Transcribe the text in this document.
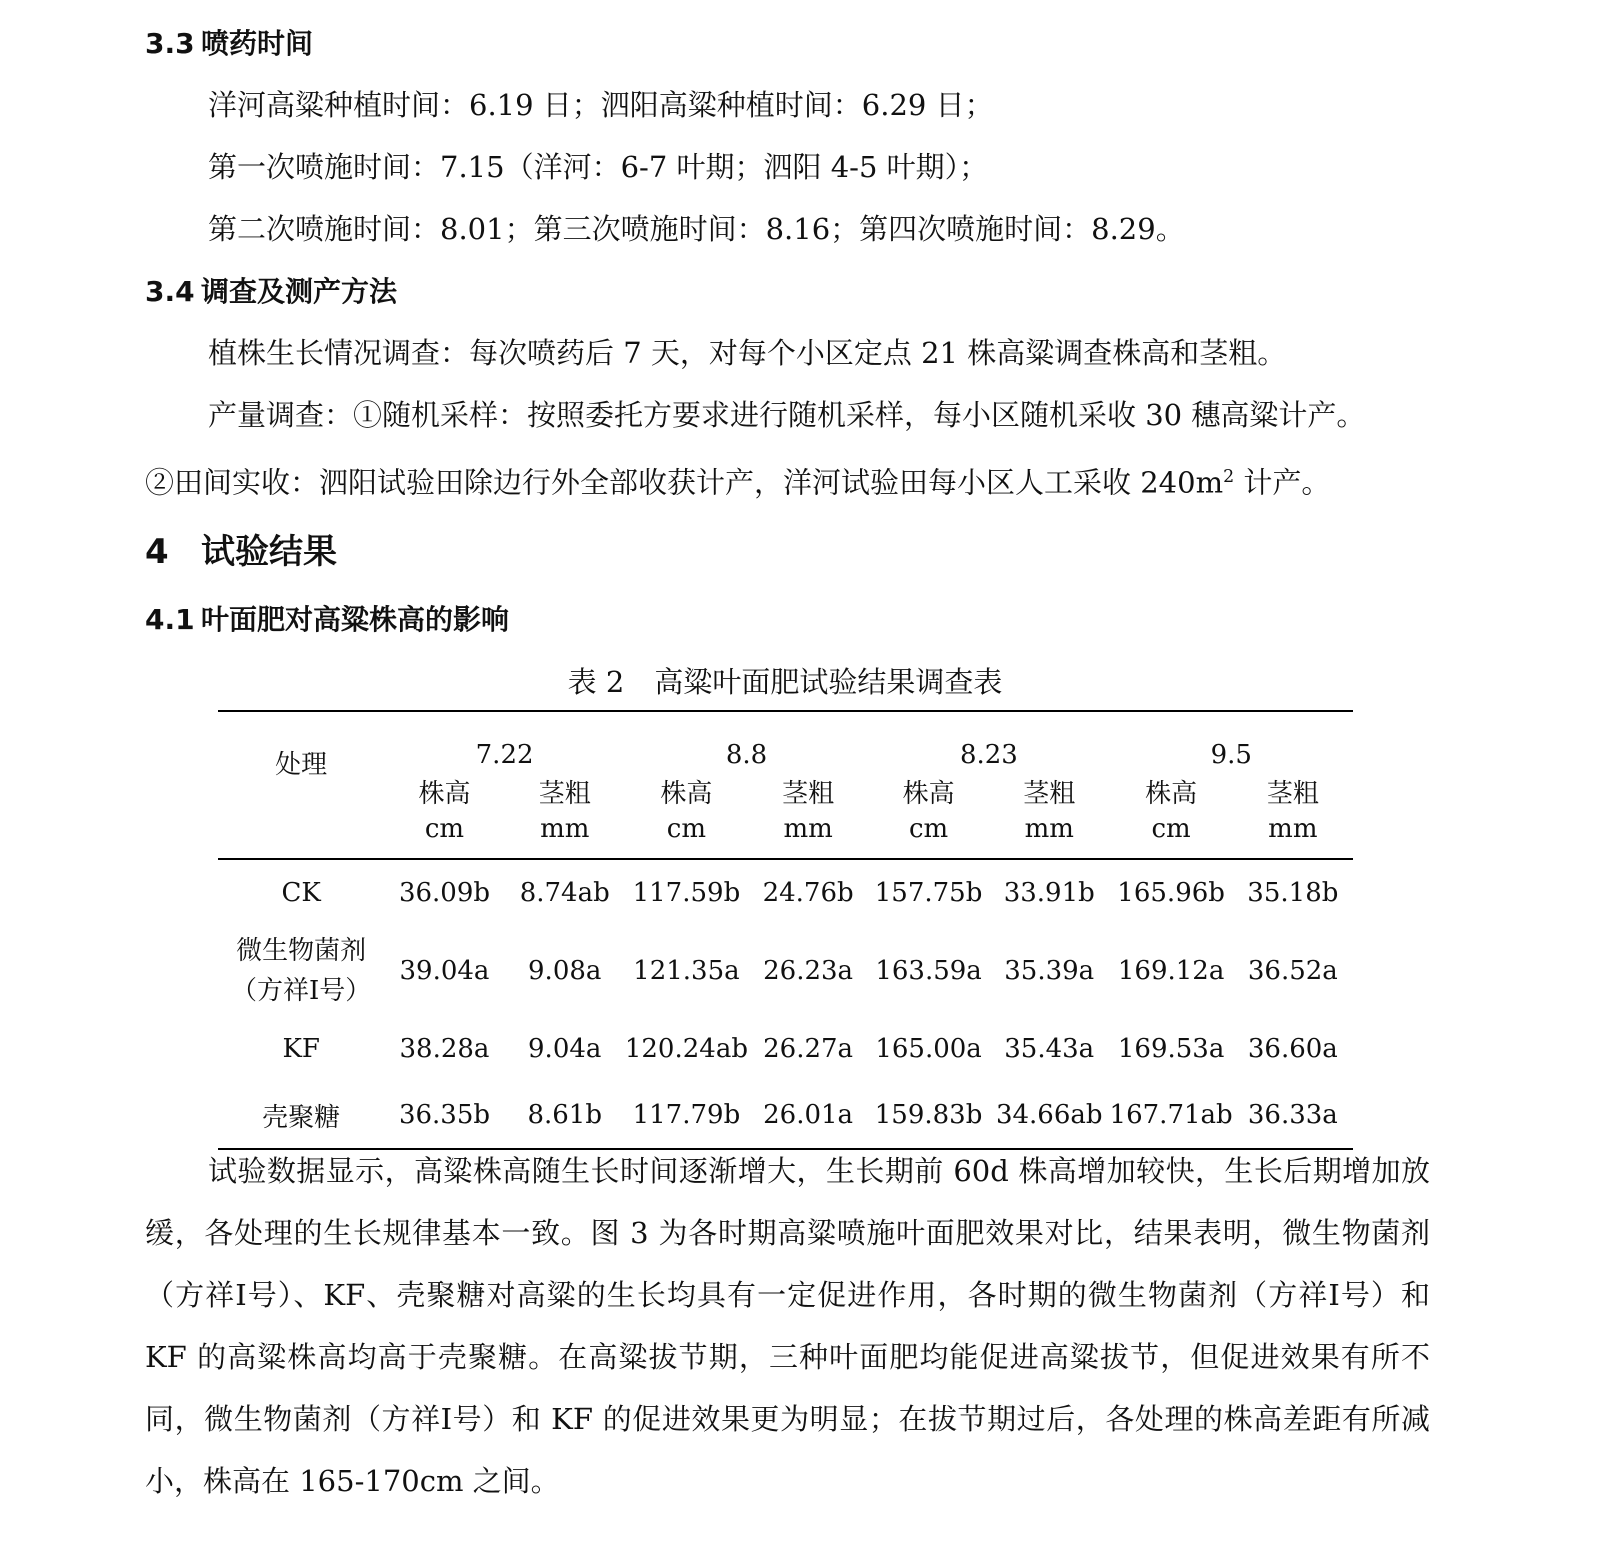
3.3 喷药时间
洋河高粱种植时间：6.19 日；泗阳高粱种植时间：6.29 日；
第一次喷施时间：7.15（洋河：6-7 叶期；泗阳 4-5 叶期）；
第二次喷施时间：8.01；第三次喷施时间：8.16；第四次喷施时间：8.29。
3.4 调查及测产方法
植株生长情况调查：每次喷药后 7 天，对每个小区定点 21 株高粱调查株高和茎粗。
产量调查：①随机采样：按照委托方要求进行随机采样，每小区随机采收 30 穗高粱计产。
②田间实收：泗阳试验田除边行外全部收获计产，洋河试验田每小区人工采收 $240m^2$ 计产。
4 试验结果
4.1 叶面肥对高粱株高的影响
表 2 高粱叶面肥试验结果调查表
处理	7.22		8.8		8.23		9.5	
	株高	茎粗	株高	茎粗	株高	茎粗	株高	茎粗
	cm	mm	cm	mm	cm	mm	cm	mm
CK	36.09b	8.74ab	117.59b	24.76b	157.75b	33.91b	165.96b	35.18b

微生物菌剂
（方祥Ⅰ号）	39.04a	9.08a	121.35a	26.23a	163.59a	35.39a	169.12a	36.52a
KF	38.28a	9.04a	120.24ab	26.27a	165.00a	35.43a	169.53a	36.60a
壳聚糖	36.35b	8.61b	117.79b	26.01a	159.83b	34.66ab	167.71ab	36.33a
试验数据显示，高粱株高随生长时间逐渐增大，生长期前 60d 株高增加较快，生长后期增加放缓，各处理的生长规律基本一致。图 3 为各时期高粱喷施叶面肥效果对比，结果表明，微生物菌剂（方祥Ⅰ号）、KF、壳聚糖对高粱的生长均具有一定促进作用，各时期的微生物菌剂（方祥Ⅰ号）和 KF 的高粱株高均高于壳聚糖。在高粱拔节期，三种叶面肥均能促进高粱拔节，但促进效果有所不同，微生物菌剂（方祥Ⅰ号）和 KF 的促进效果更为明显；在拔节期过后，各处理的株高差距有所减小，株高在 165-170cm 之间。
